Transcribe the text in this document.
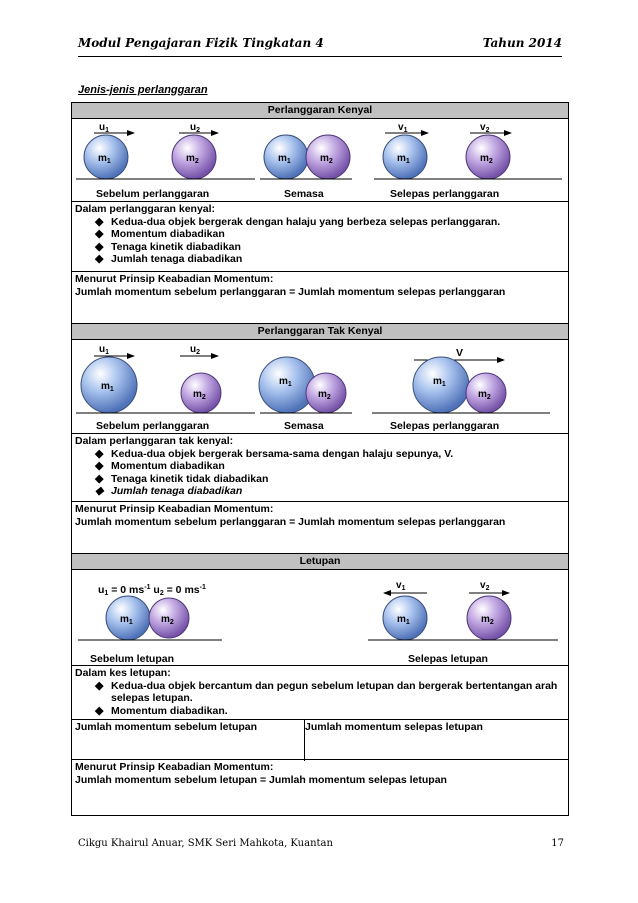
Modul Pengajaran Fizik Tingkatan 4	Tahun 2014
Jenis-jenis perlanggaran
Perlanggaran Kenyal
$u_1$	$u_2$
$m_1$	$m_2$	$m_1$	$m_2$
$v_1$	$v_2$
$m_1$	$m_2$
Sebelum perlanggaran	Semasa	Selepas perlanggaran
Dalam perlanggaran kenyal:
◆ Kedua-dua objek bergerak dengan halaju yang berbeza selepas perlanggaran.
◆ Momentum diabadikan
◆ Tenaga kinetik diabadikan
◆ Jumlah tenaga diabadikan
Menurut Prinsip Keabadian Momentum:
Jumlah momentum sebelum perlanggaran = Jumlah momentum selepas perlanggaran
Perlanggaran Tak Kenyal
$u_1$	$u_2$
$m_1$	$m_2$
$m_1$
$m_2$
V
$m_1$
$m_2$
Sebelum perlanggaran	Semasa	Selepas perlanggaran
Dalam perlanggaran tak kenyal:
◆ Kedua-dua objek bergerak bersama-sama dengan halaju sepunya, V.
◆ Momentum diabadikan
◆ Tenaga kinetik tidak diabadikan
◆ Jumlah tenaga diabadikan
Menurut Prinsip Keabadian Momentum:
Jumlah momentum sebelum perlanggaran = Jumlah momentum selepas perlanggaran
Letupan
u1 = 0 $ms^{-1}$ u2 = 0 $ms^{-1}$
$m_1$	$m_2$
$v_1$	$v_2$
$m_1$	$m_2$
Sebelum letupan	Selepas letupan
Dalam kes letupan:
◆ Kedua-dua objek bercantum dan pegun sebelum letupan dan bergerak bertentangan arah selepas letupan.
◆ Momentum diabadikan.
Jumlah momentum sebelum letupan	Jumlah momentum selepas letupan
Menurut Prinsip Keabadian Momentum:
Jumlah momentum sebelum letupan = Jumlah momentum selepas letupan
Cikgu Khairul Anuar, SMK Seri Mahkota, Kuantan	17
